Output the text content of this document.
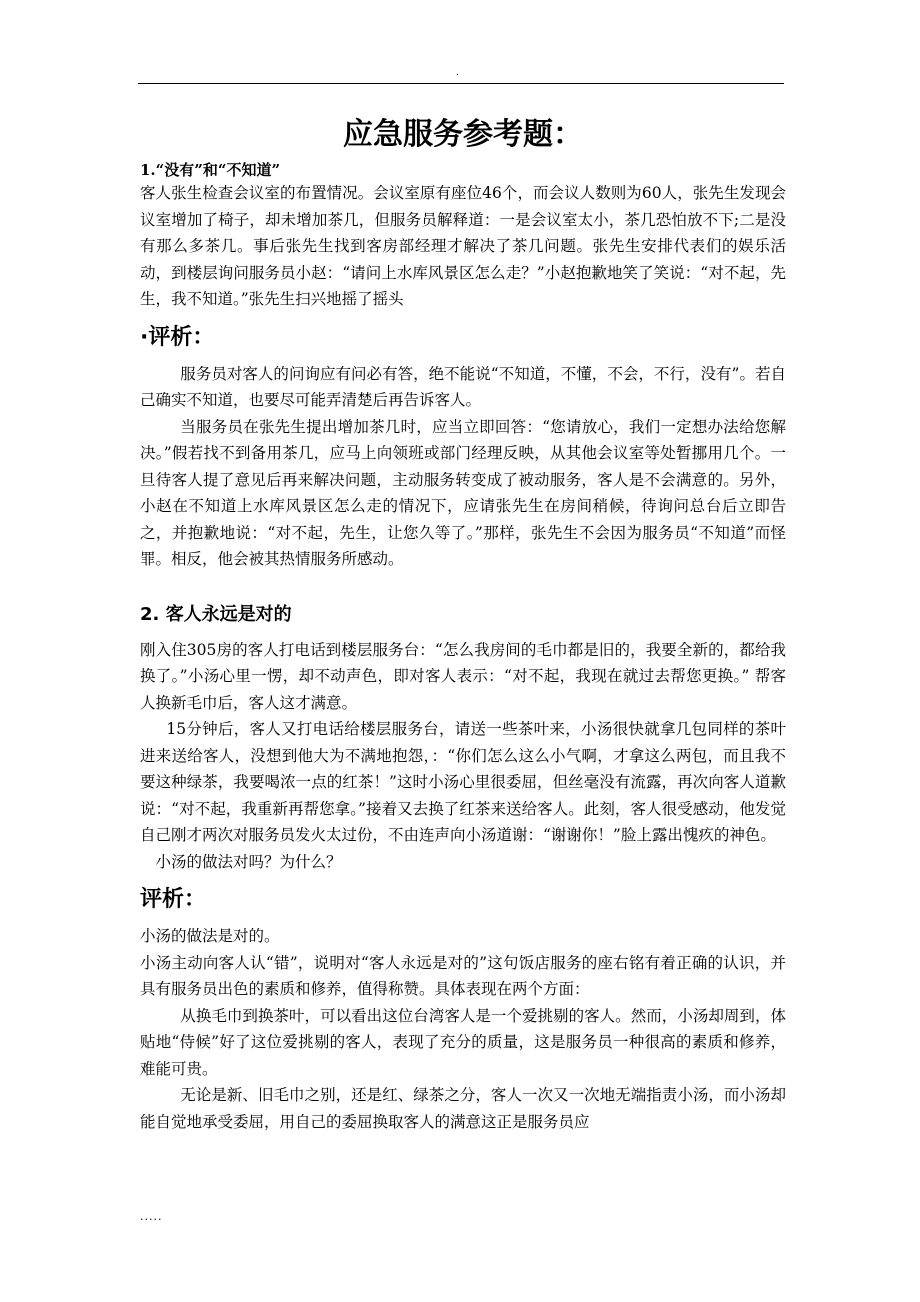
.
应急服务参考题：

1.“没有”和“不知道”

客人张生检查会议室的布置情况。会议室原有座位46个，而会议人数则为60人，张先生发现会议室增加了椅子，却未增加茶几，但服务员解释道：一是会议室太小，茶几恐怕放不下;二是没有那么多茶几。事后张先生找到客房部经理才解决了茶几问题。张先生安排代表们的娱乐活动，到楼层询问服务员小赵：“请问上水库风景区怎么走？”小赵抱歉地笑了笑说：“对不起，先生，我不知道。”张先生扫兴地摇了摇头

·评析：

服务员对客人的问询应有问必有答，绝不能说“不知道，不懂，不会，不行，没有”。若自己确实不知道，也要尽可能弄清楚后再告诉客人。

当服务员在张先生提出增加茶几时，应当立即回答：“您请放心，我们一定想办法给您解决。”假若找不到备用茶几，应马上向领班或部门经理反映，从其他会议室等处暂挪用几个。一旦待客人提了意见后再来解决问题，主动服务转变成了被动服务，客人是不会满意的。另外，小赵在不知道上水库风景区怎么走的情况下，应请张先生在房间稍候，待询问总台后立即告之，并抱歉地说：“对不起，先生，让您久等了。”那样，张先生不会因为服务员“不知道”而怪罪。相反，他会被其热情服务所感动。

2. 客人永远是对的

刚入住305房的客人打电话到楼层服务台：“怎么我房间的毛巾都是旧的，我要全新的，都给我换了。”小汤心里一愣，却不动声色，即对客人表示：“对不起，我现在就过去帮您更换。” 帮客人换新毛巾后，客人这才满意。

15分钟后，客人又打电话给楼层服务台，请送一些茶叶来，小汤很快就拿几包同样的茶叶进来送给客人，没想到他大为不满地抱怨，：“你们怎么这么小气啊，才拿这么两包，而且我不要这种绿茶，我要喝浓一点的红茶！”这时小汤心里很委屈，但丝毫没有流露，再次向客人道歉说：“对不起，我重新再帮您拿。”接着又去换了红茶来送给客人。此刻，客人很受感动，他发觉自己刚才两次对服务员发火太过份，不由连声向小汤道谢：“谢谢你！”脸上露出愧疚的神色。

小汤的做法对吗？为什么？

评析：

小汤的做法是对的。

小汤主动向客人认“错”，说明对“客人永远是对的”这句饭店服务的座右铭有着正确的认识，并具有服务员出色的素质和修养，值得称赞。具体表现在两个方面：

从换毛巾到换茶叶，可以看出这位台湾客人是一个爱挑剔的客人。然而，小汤却周到，体贴地“侍候”好了这位爱挑剔的客人，表现了充分的质量，这是服务员一种很高的素质和修养，难能可贵。

无论是新、旧毛巾之别，还是红、绿茶之分，客人一次又一次地无端指责小汤，而小汤却能自觉地承受委屈，用自己的委屈换取客人的满意这正是服务员应

.....
